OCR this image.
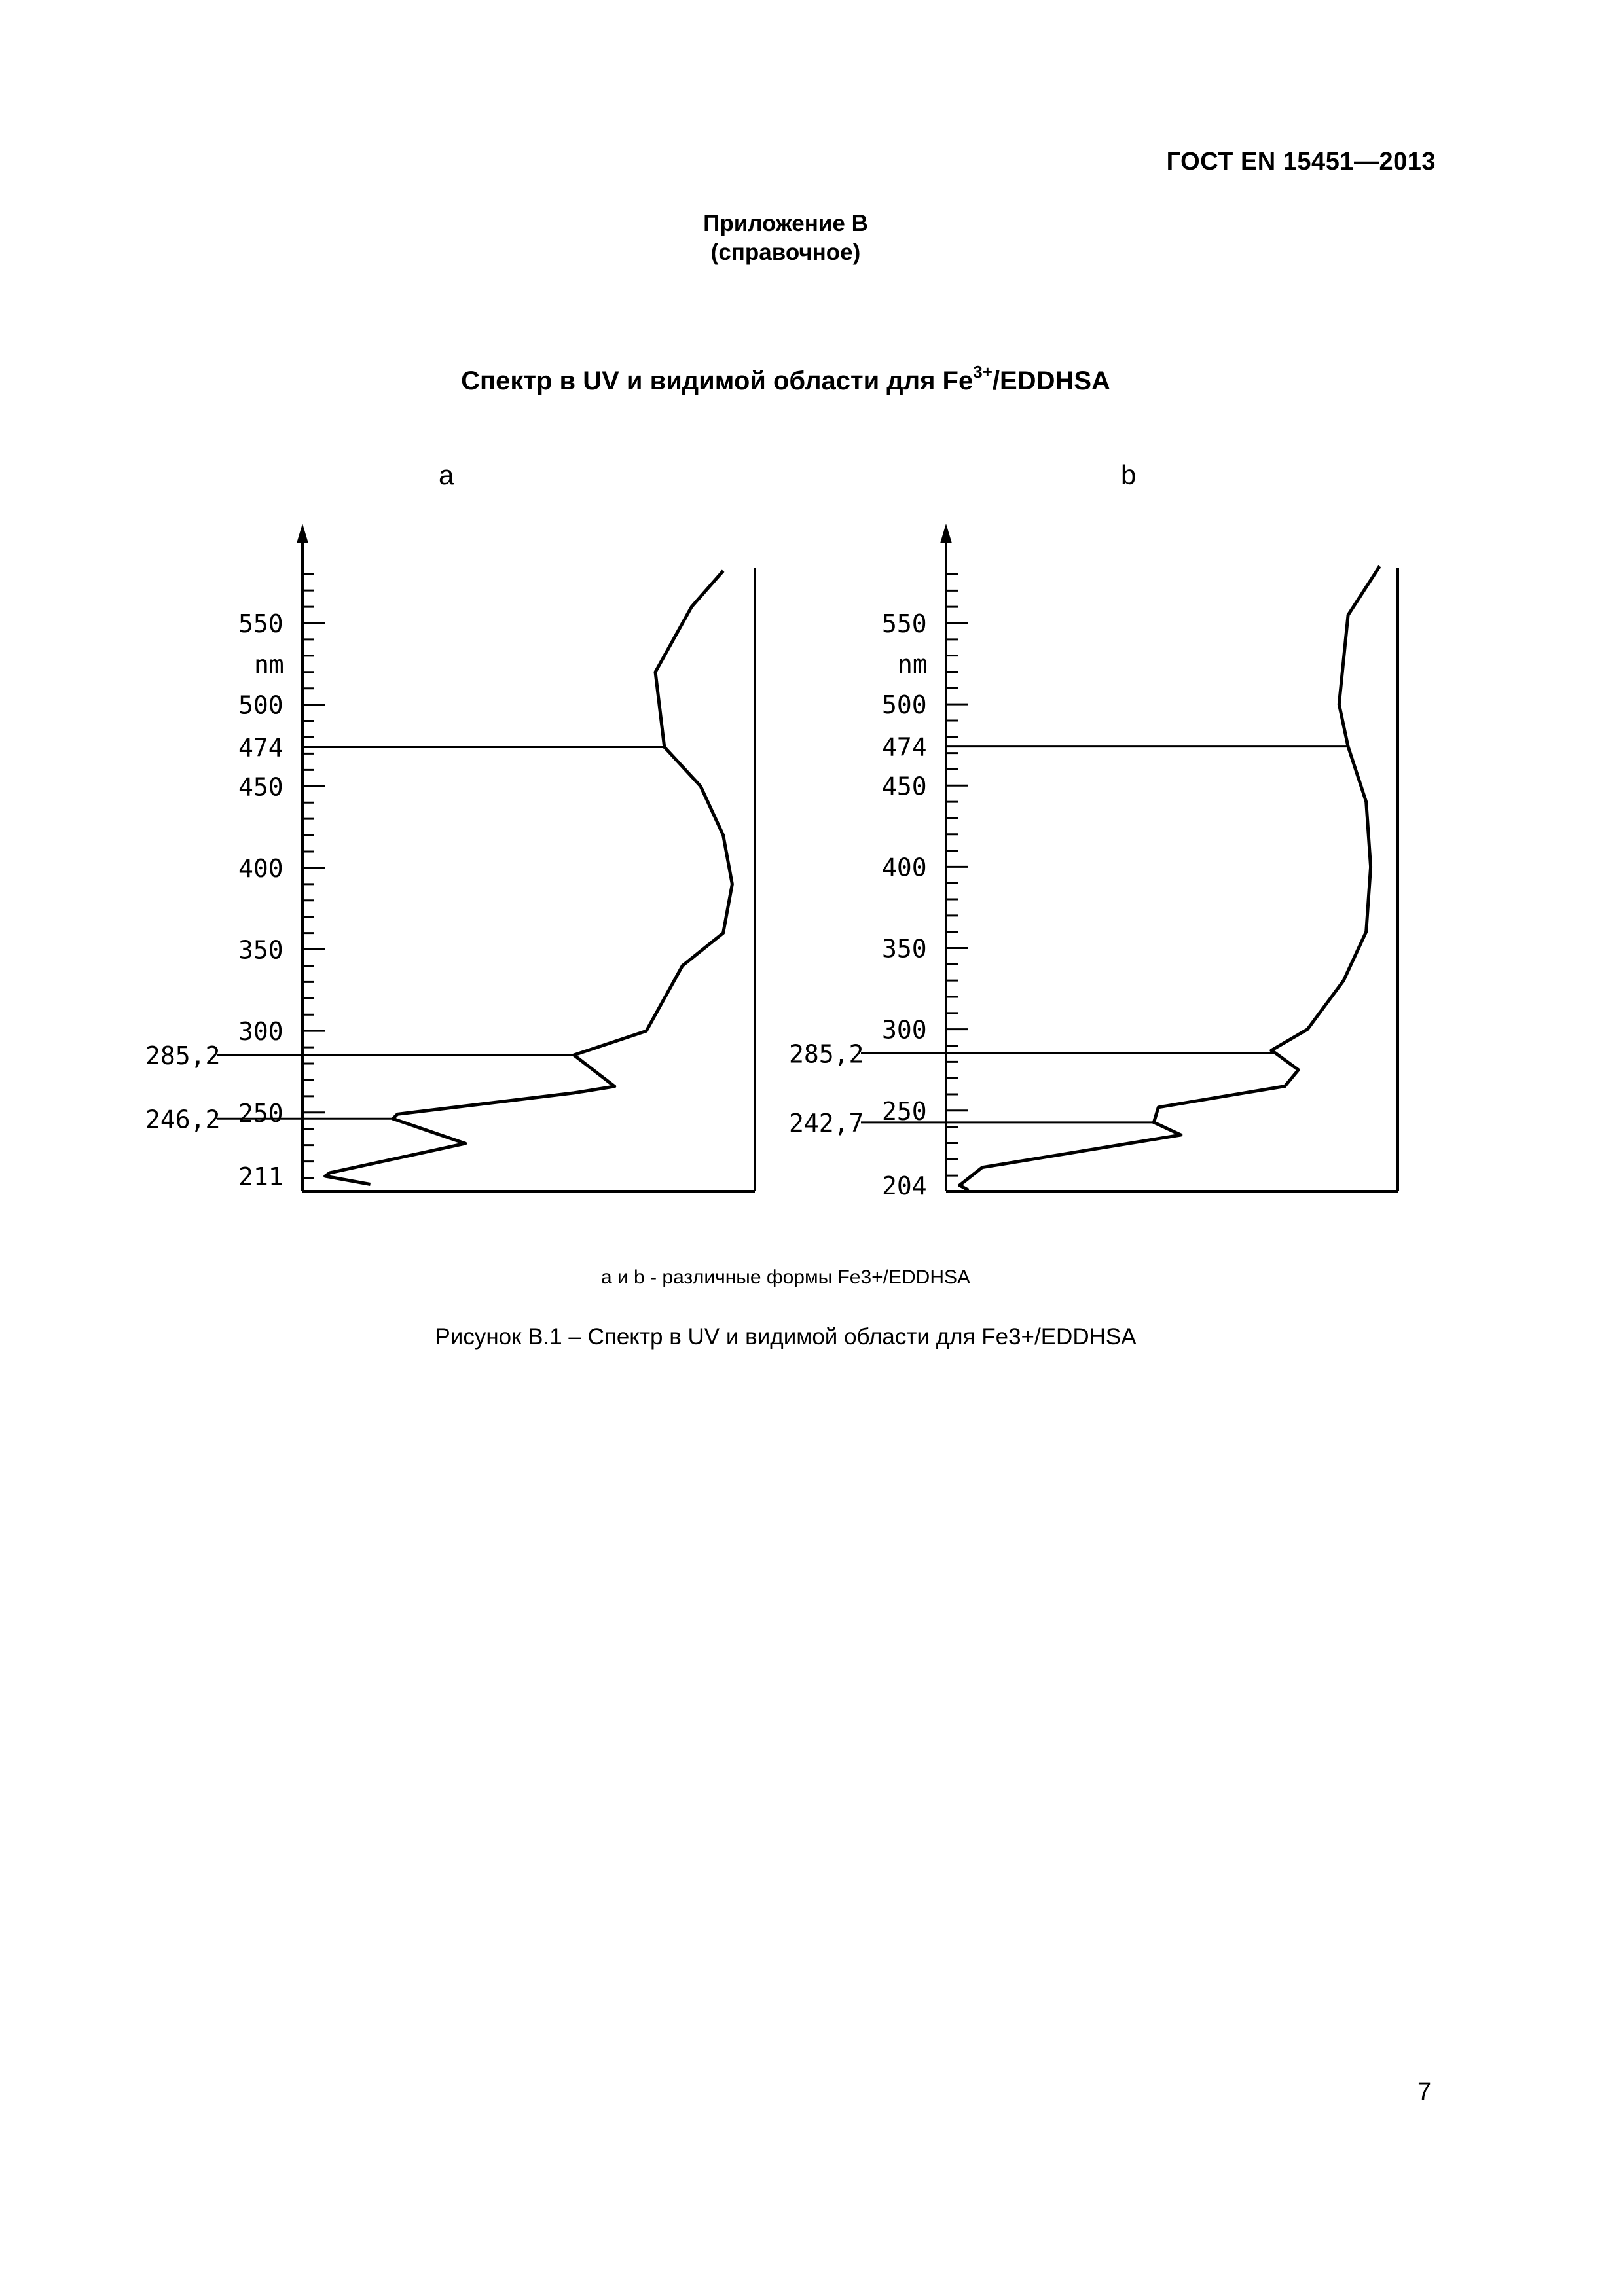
ГОСТ EN 15451—2013
Приложение В
(справочное)
Спектр в UV и видимой области для $Fe^{3+}$/EDDHSA
a
550
500
474
450
400
350
300
250
211
nm
285,2
246,2
b
550
500
474
450
400
350
300
250
204
nm
285,2
242,7
a и b - различные формы Fe3+/EDDHSA
Рисунок В.1 – Спектр в UV и видимой области для Fe3+/EDDHSA
7
